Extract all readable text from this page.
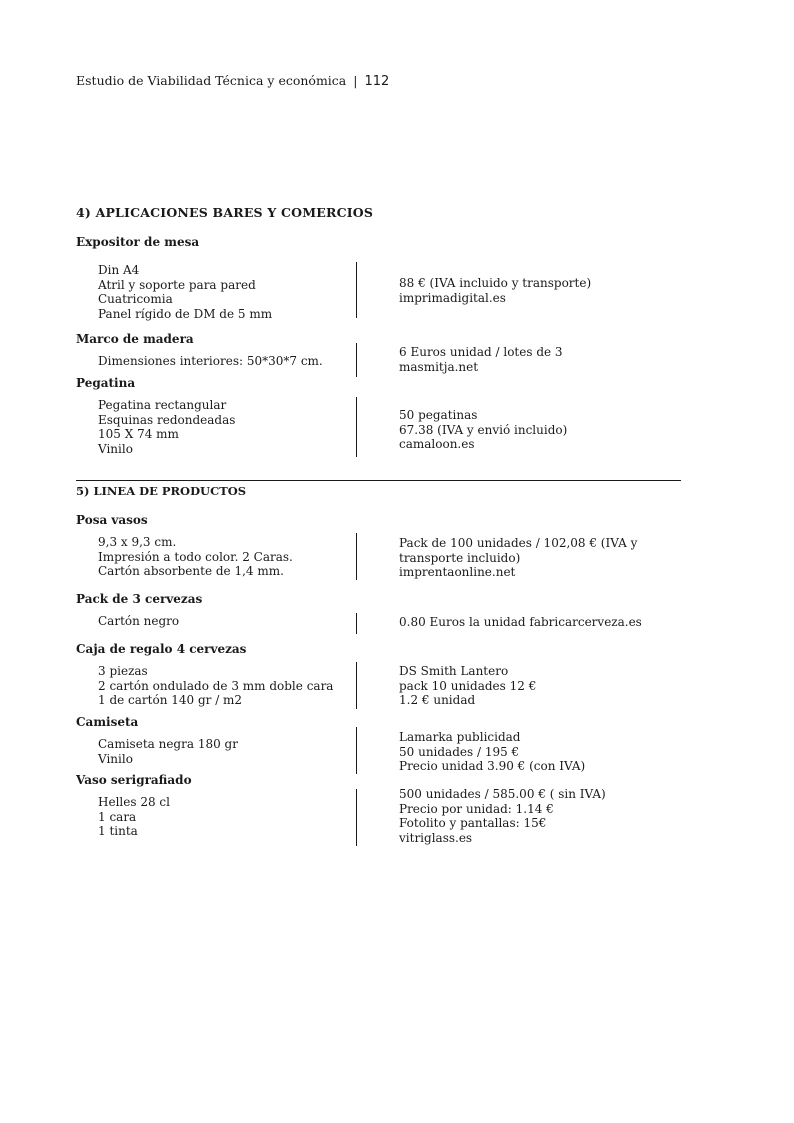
Estudio de Viabilidad Técnica y económica | 112
4) APLICACIONES BARES Y COMERCIOS
Expositor de mesa
Din A4
Atril y soporte para pared
Cuatricomia
Panel rígido de DM de 5 mm
88 € (IVA incluido y transporte)
imprimadigital.es
Marco de madera
Dimensiones interiores: 50*30*7 cm.
6 Euros unidad / lotes de 3
masmitja.net
Pegatina
Pegatina rectangular
Esquinas redondeadas
105 X 74 mm
Vinilo
50 pegatinas
67.38 (IVA y envió incluido)
camaloon.es
5) LINEA DE PRODUCTOS
Posa vasos
9,3 x 9,3 cm.
Impresión a todo color. 2 Caras.
Cartón absorbente de 1,4 mm.
Pack de 100 unidades / 102,08 € (IVA y
transporte incluido)
imprentaonline.net
Pack de 3 cervezas
Cartón negro	0.80 Euros la unidad fabricarcerveza.es
Caja de regalo 4 cervezas
3 piezas
2 cartón ondulado de 3 mm doble cara
1 de cartón 140 gr / m2
DS Smith Lantero
pack 10 unidades 12 €
1.2 € unidad
Camiseta
Camiseta negra 180 gr
Vinilo
Lamarka publicidad
50 unidades / 195 €
Precio unidad 3.90 € (con IVA)
Vaso serigrafiado
Helles 28 cl
1 cara
1 tinta
500 unidades / 585.00 € ( sin IVA)
Precio por unidad: 1.14 €
Fotolito y pantallas: 15€
vitriglass.es
